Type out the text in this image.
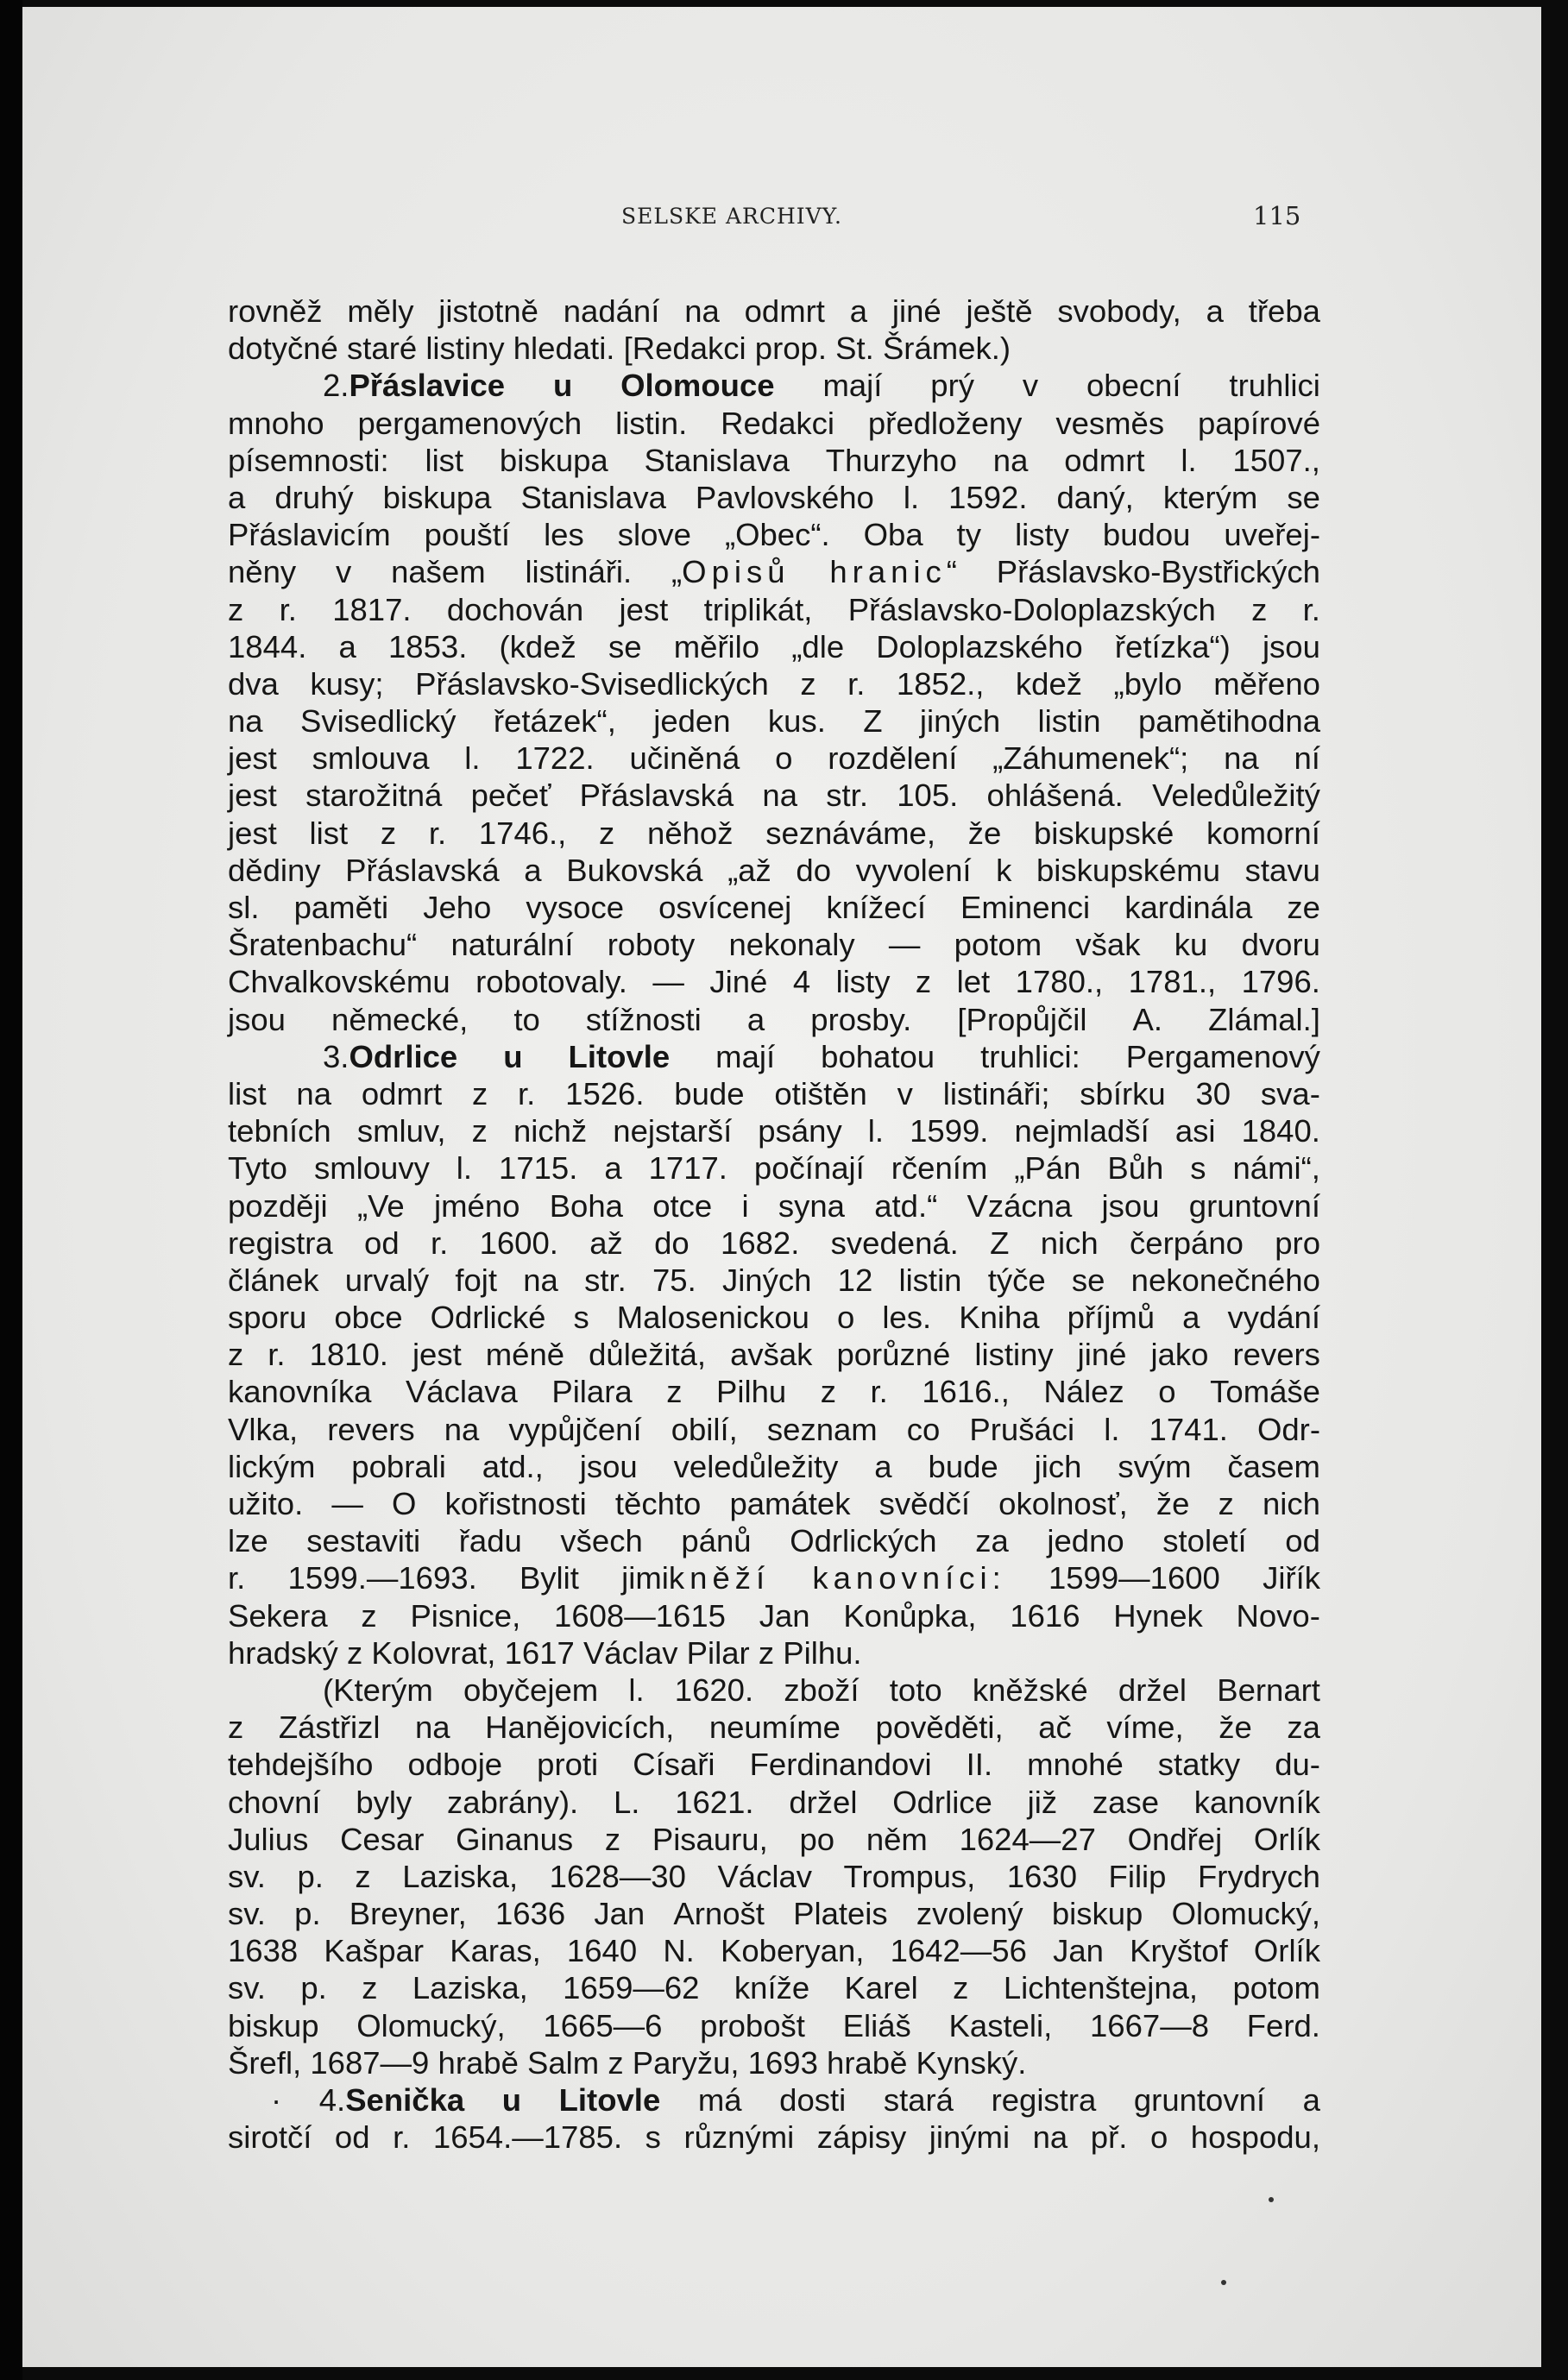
SELSKE ARCHIVY.	115
rovněž měly jistotně nadání na odmrt a jiné ještě svobody, a třeba
dotyčné staré listiny hledati. [Redakci prop. St. Šrámek.)
2.Přáslavice u Olomouce mají prý v obecní truhlici
mnoho pergamenových listin. Redakci předloženy vesměs papírové
písemnosti: list biskupa Stanislava Thurzyho na odmrt l. 1507.,
a druhý biskupa Stanislava Pavlovského l. 1592. daný, kterým se
Přáslavicím pouští les slove „Obec“. Oba ty listy budou uveřej-
něny v našem listináři. „Opisů hranic“ Přáslavsko-Bystřických
z r. 1817. dochován jest triplikát, Přáslavsko-Doloplazských z r.
1844. a 1853. (kdež se měřilo „dle Doloplazského řetízka“) jsou
dva kusy; Přáslavsko-Svisedlických z r. 1852., kdež „bylo měřeno
na Svisedlický řetázek“, jeden kus. Z jiných listin pamětihodna
jest smlouva l. 1722. učiněná o rozdělení „Záhumenek“; na ní
jest starožitná pečeť Přáslavská na str. 105. ohlášená. Veledůležitý
jest list z r. 1746., z něhož seznáváme, že biskupské komorní
dědiny Přáslavská a Bukovská „až do vyvolení k biskupskému stavu
sl. paměti Jeho vysoce osvícenej knížecí Eminenci kardinála ze
Šratenbachu“ naturální roboty nekonaly — potom však ku dvoru
Chvalkovskému robotovaly. — Jiné 4 listy z let 1780., 1781., 1796.
jsou německé, to stížnosti a prosby. [Propůjčil A. Zlámal.]
3.Odrlice u Litovle mají bohatou truhlici: Pergamenový
list na odmrt z r. 1526. bude otištěn v listináři; sbírku 30 sva-
tebních smluv, z nichž nejstarší psány l. 1599. nejmladší asi 1840.
Tyto smlouvy l. 1715. a 1717. počínají rčením „Pán Bůh s námi“,
později „Ve jméno Boha otce i syna atd.“ Vzácna jsou gruntovní
registra od r. 1600. až do 1682. svedená. Z nich čerpáno pro
článek urvalý fojt na str. 75. Jiných 12 listin týče se nekonečného
sporu obce Odrlické s Malosenickou o les. Kniha příjmů a vydání
z r. 1810. jest méně důležitá, avšak porůzné listiny jiné jako revers
kanovníka Václava Pilara z Pilhu z r. 1616., Nález o Tomáše
Vlka, revers na vypůjčení obilí, seznam co Prušáci l. 1741. Odr-
lickým pobrali atd., jsou veledůležity a bude jich svým časem
užito. — O kořistnosti těchto památek svědčí okolnosť, že z nich
lze sestaviti řadu všech pánů Odrlických za jedno století od
r. 1599.—1693. Bylit jimikněží kanovníci: 1599—1600 Jiřík
Sekera z Pisnice, 1608—1615 Jan Konůpka, 1616 Hynek Novo-
hradský z Kolovrat, 1617 Václav Pilar z Pilhu.
(Kterým obyčejem l. 1620. zboží toto kněžské držel Bernart
z Zástřizl na Hanějovicích, neumíme pověděti, ač víme, že za
tehdejšího odboje proti Císaři Ferdinandovi II. mnohé statky du-
chovní byly zabrány). L. 1621. držel Odrlice již zase kanovník
Julius Cesar Ginanus z Pisauru, po něm 1624—27 Ondřej Orlík
sv. p. z Laziska, 1628—30 Václav Trompus, 1630 Filip Frydrych
sv. p. Breyner, 1636 Jan Arnošt Plateis zvolený biskup Olomucký,
1638 Kašpar Karas, 1640 N. Koberyan, 1642—56 Jan Kryštof Orlík
sv. p. z Laziska, 1659—62 kníže Karel z Lichtenštejna, potom
biskup Olomucký, 1665—6 probošt Eliáš Kasteli, 1667—8 Ferd.
Šrefl, 1687—9 hrabě Salm z Paryžu, 1693 hrabě Kynský.
· 4.Senička u Litovle má dosti stará registra gruntovní a
sirotčí od r. 1654.—1785. s různými zápisy jinými na př. o hospodu,
